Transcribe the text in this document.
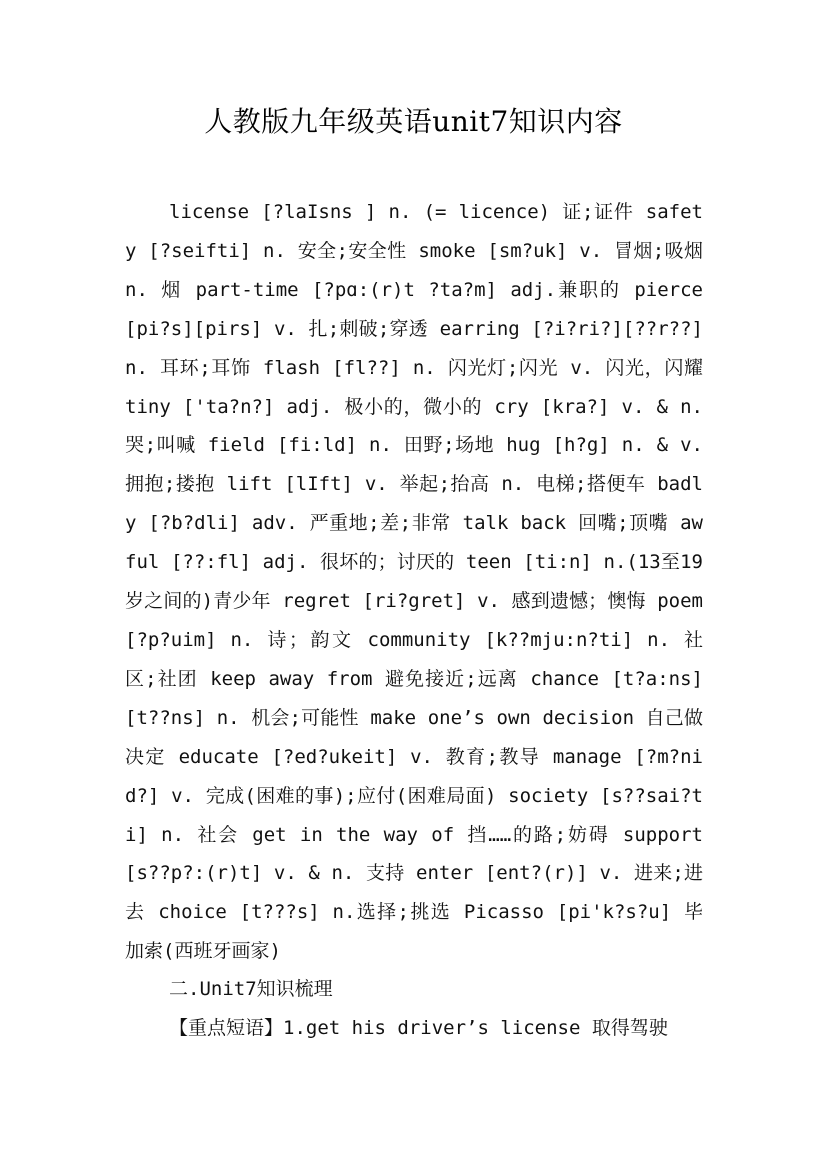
人教版九年级英语unit7知识内容

license [?laIsns ] n. (= licence) 证;证件 safety [?seifti] n. 安全;安全性 smoke [sm?uk] v. 冒烟;吸烟 n. 烟 part-time [?pɑ:(r)t ?ta?m] adj.兼职的 pierce [pi?s][pirs] v. 扎;刺破;穿透 earring [?i?ri?][??r??] n. 耳环;耳饰 flash [fl??] n. 闪光灯;闪光 v. 闪光，闪耀 tiny ['ta?n?] adj. 极小的，微小的 cry [kra?] v. & n. 哭;叫喊 field [fi:ld] n. 田野;场地 hug [h?g] n. & v. 拥抱;搂抱 lift [lIft] v. 举起;抬高 n. 电梯;搭便车 badly [?b?dli] adv. 严重地;差;非常 talk back 回嘴;顶嘴 awful [??:fl] adj. 很坏的；讨厌的 teen [ti:n] n.(13至19岁之间的)青少年 regret [ri?gret] v. 感到遗憾；懊悔 poem [?p?uim] n. 诗；韵文 community [k??mju:n?ti] n. 社区;社团 keep away from 避免接近;远离 chance [t?a:ns] [t??ns] n. 机会;可能性 make one’s own decision 自己做决定 educate [?ed?ukeit] v. 教育;教导 manage [?m?nid?] v. 完成(困难的事);应付(困难局面) society [s??sai?ti] n. 社会 get in the way of 挡……的路;妨碍 support [s??p?:(r)t] v. & n. 支持 enter [ent?(r)] v. 进来;进去 choice [t???s] n.选择;挑选 Picasso [pi'k?s?u] 毕加索(西班牙画家)

二.Unit7知识梳理

【重点短语】1.get his driver’s license 取得驾驶
